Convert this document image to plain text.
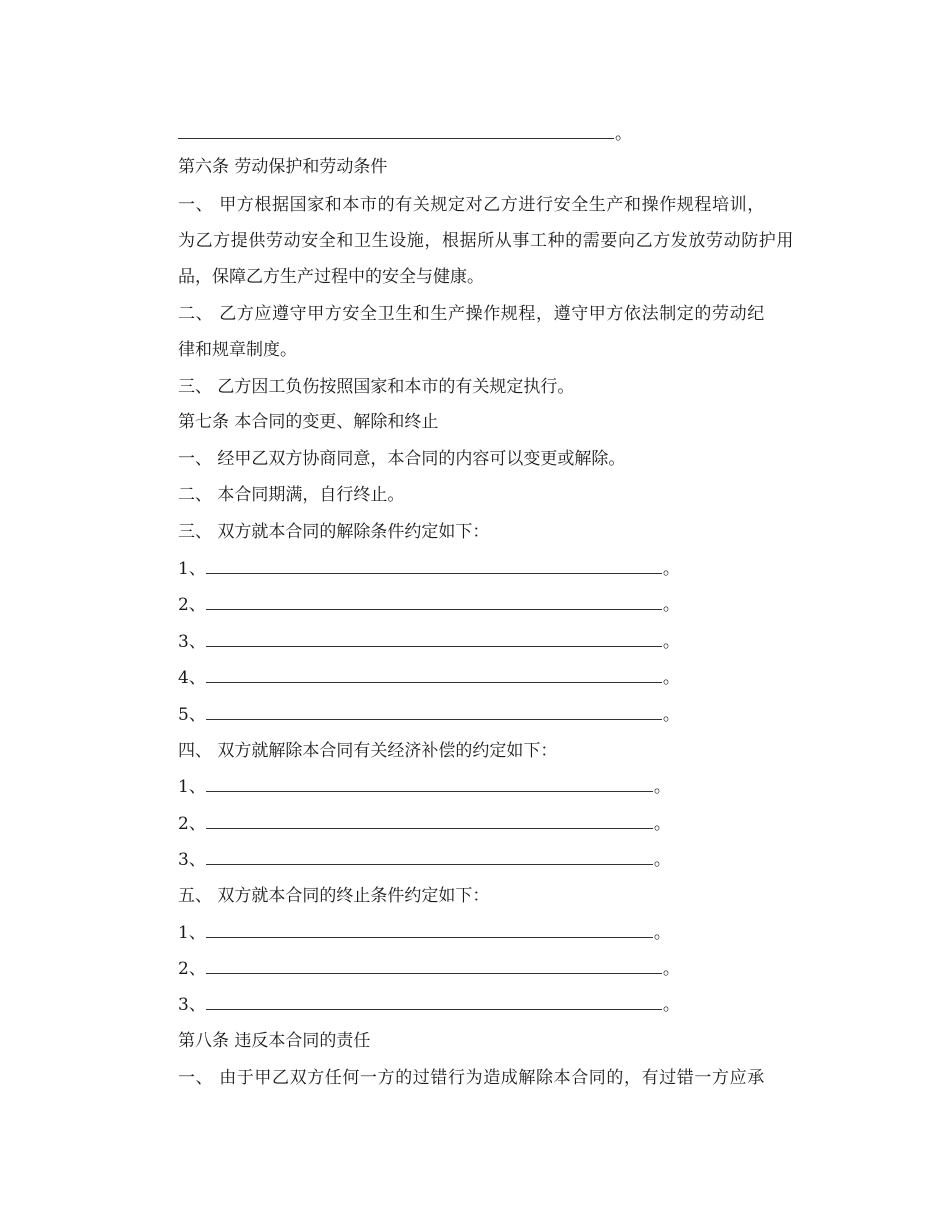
。
第六条 劳动保护和劳动条件
一、 甲方根据国家和本市的有关规定对乙方进行安全生产和操作规程培训，
为乙方提供劳动安全和卫生设施，根据所从事工种的需要向乙方发放劳动防护用
品，保障乙方生产过程中的安全与健康。
二、 乙方应遵守甲方安全卫生和生产操作规程，遵守甲方依法制定的劳动纪
律和规章制度。
三、 乙方因工负伤按照国家和本市的有关规定执行。
第七条 本合同的变更、解除和终止
一、 经甲乙双方协商同意，本合同的内容可以变更或解除。
二、 本合同期满，自行终止。
三、 双方就本合同的解除条件约定如下：
1、	。
2、	。
3、	。
4、	。
5、	。
四、 双方就解除本合同有关经济补偿的约定如下：
1、	。
2、	。
3、	。
五、 双方就本合同的终止条件约定如下：
1、	。
2、	。
3、	。
第八条 违反本合同的责任
一、 由于甲乙双方任何一方的过错行为造成解除本合同的，有过错一方应承
